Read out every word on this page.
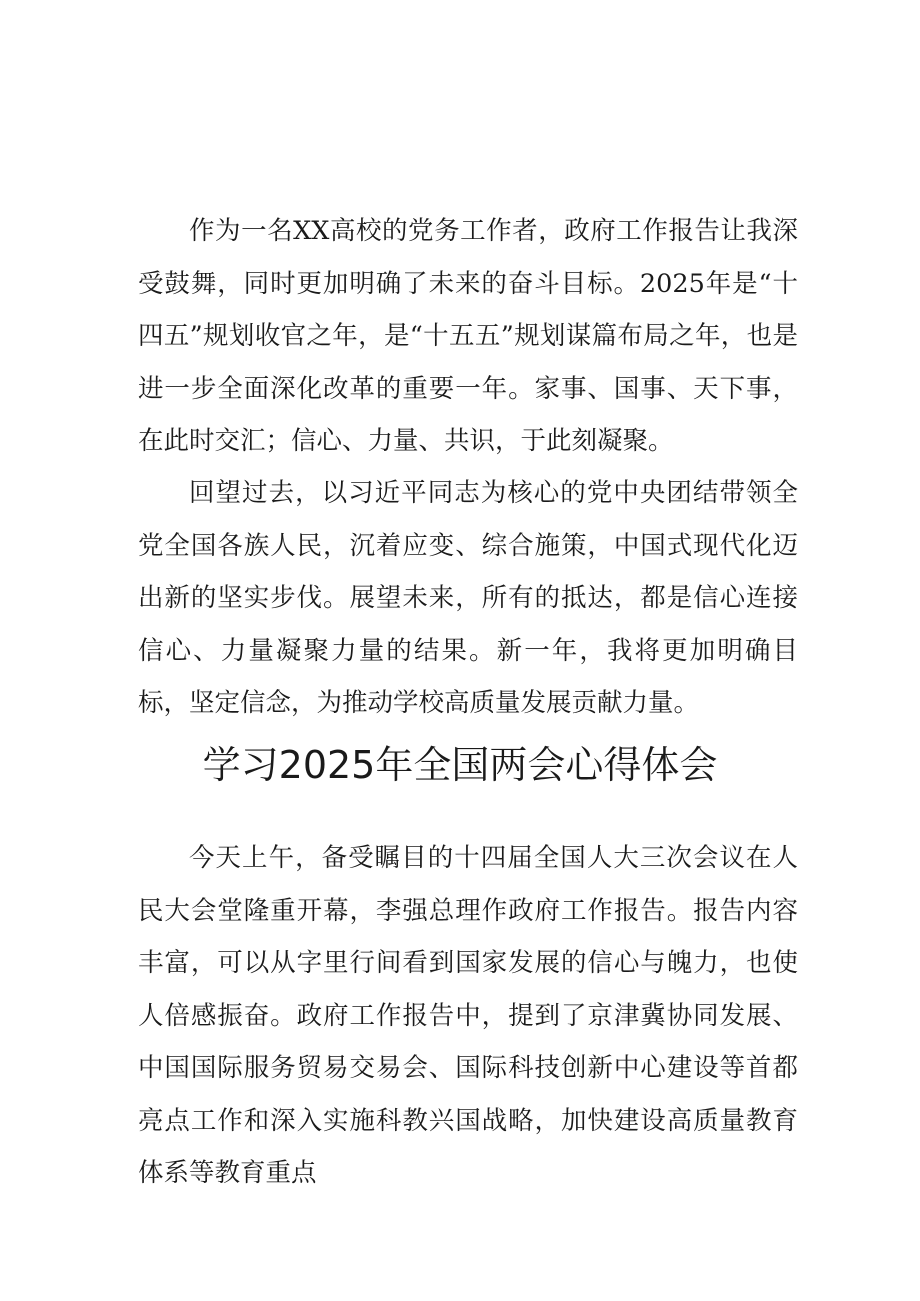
作为一名XX高校的党务工作者，政府工作报告让我深受鼓舞，同时更加明确了未来的奋斗目标。2025年是“十四五”规划收官之年，是“十五五”规划谋篇布局之年，也是进一步全面深化改革的重要一年。家事、国事、天下事，在此时交汇；信心、力量、共识，于此刻凝聚。

回望过去，以习近平同志为核心的党中央团结带领全党全国各族人民，沉着应变、综合施策，中国式现代化迈出新的坚实步伐。展望未来，所有的抵达，都是信心连接信心、力量凝聚力量的结果。新一年，我将更加明确目标，坚定信念，为推动学校高质量发展贡献力量。

学习2025年全国两会心得体会

今天上午，备受瞩目的十四届全国人大三次会议在人民大会堂隆重开幕，李强总理作政府工作报告。报告内容丰富，可以从字里行间看到国家发展的信心与魄力，也使人倍感振奋。政府工作报告中，提到了京津冀协同发展、中国国际服务贸易交易会、国际科技创新中心建设等首都亮点工作和深入实施科教兴国战略，加快建设高质量教育体系等教育重点
